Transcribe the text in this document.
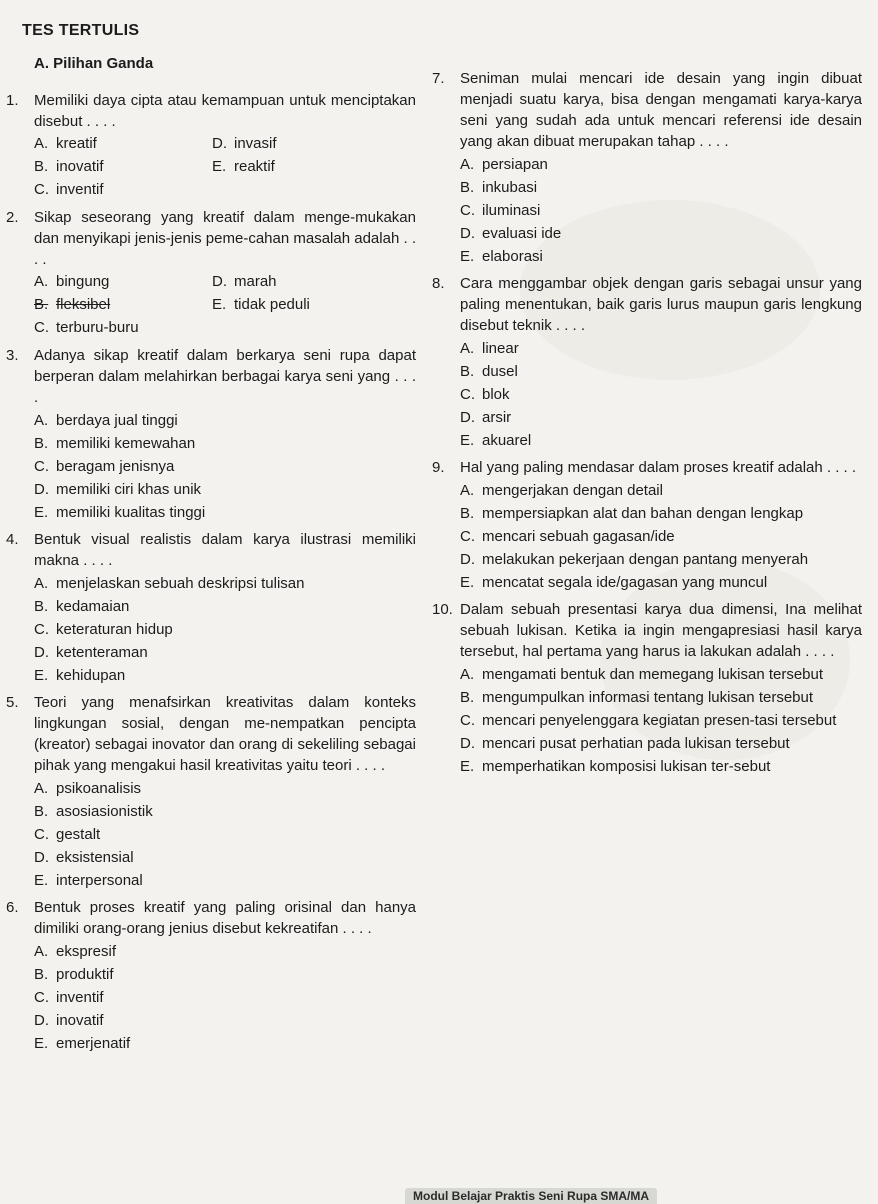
TES TERTULIS
A. Pilihan Ganda
1.	Memiliki daya cipta atau kemampuan untuk menciptakan disebut . . . .
A. kreatif	D. invasif
B. inovatif	E. reaktif
C. inventif
2.	Sikap seseorang yang kreatif dalam menge-mukakan dan menyikapi jenis-jenis peme-cahan masalah adalah . . . .
A. bingung	D. marah
B. fleksibel	E. tidak peduli
C. terburu-buru
3.	Adanya sikap kreatif dalam berkarya seni rupa dapat berperan dalam melahirkan berbagai karya seni yang . . . .
A. berdaya jual tinggi
B. memiliki kemewahan
C. beragam jenisnya
D. memiliki ciri khas unik
E. memiliki kualitas tinggi
4.	Bentuk visual realistis dalam karya ilustrasi memiliki makna . . . .
A. menjelaskan sebuah deskripsi tulisan
B. kedamaian
C. keteraturan hidup
D. ketenteraman
E. kehidupan
5.	Teori yang menafsirkan kreativitas dalam konteks lingkungan sosial, dengan me-nempatkan pencipta (kreator) sebagai inovator dan orang di sekeliling sebagai pihak yang mengakui hasil kreativitas yaitu teori . . . .
A. psikoanalisis
B. asosiasionistik
C. gestalt
D. eksistensial
E. interpersonal
6.	Bentuk proses kreatif yang paling orisinal dan hanya dimiliki orang-orang jenius disebut kekreatifan . . . .
A. ekspresif
B. produktif
C. inventif
D. inovatif
E. emerjenatif
7.	Seniman mulai mencari ide desain yang ingin dibuat menjadi suatu karya, bisa dengan mengamati karya-karya seni yang sudah ada untuk mencari referensi ide desain yang akan dibuat merupakan tahap . . . .
A. persiapan
B. inkubasi
C. iluminasi
D. evaluasi ide
E. elaborasi
8.	Cara menggambar objek dengan garis sebagai unsur yang paling menentukan, baik garis lurus maupun garis lengkung disebut teknik . . . .
A. linear
B. dusel
C. blok
D. arsir
E. akuarel
9.	Hal yang paling mendasar dalam proses kreatif adalah . . . .
A. mengerjakan dengan detail
B. mempersiapkan alat dan bahan dengan lengkap
C. mencari sebuah gagasan/ide
D. melakukan pekerjaan dengan pantang menyerah
E. mencatat segala ide/gagasan yang muncul
10. Dalam sebuah presentasi karya dua dimensi, Ina melihat sebuah lukisan. Ketika ia ingin mengapresiasi hasil karya tersebut, hal pertama yang harus ia lakukan adalah . . . .
A. mengamati bentuk dan memegang lukisan tersebut
B. mengumpulkan informasi tentang lukisan tersebut
C. mencari penyelenggara kegiatan presen-tasi tersebut
D. mencari pusat perhatian pada lukisan tersebut
E. memperhatikan komposisi lukisan ter-sebut
Modul Belajar Praktis Seni Rupa SMA/MA
